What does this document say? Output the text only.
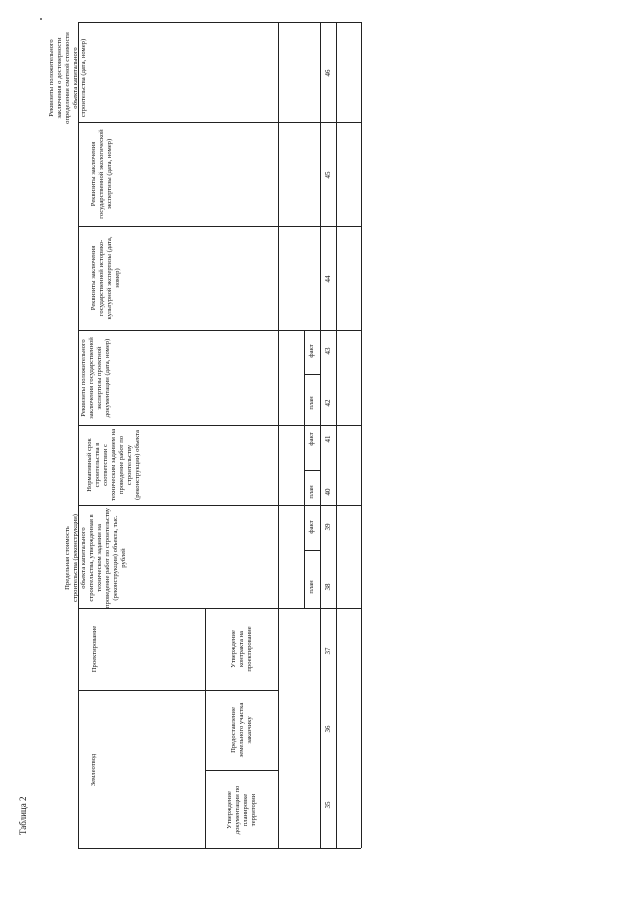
Таблица 2
Реквизиты положительного заключения о достоверности определения сметной стоимости объекта капитального строительства (дата, номер)
Реквизиты заключения государственной экологической экспертизы (дата, номер)
Реквизиты заключения государственной историко-культурной экспертизы (дата, номер)
Реквизиты положительного заключения государственной экспертизы проектной документации (дата, номер)
Нормативный срок строительства в соответствии с техническим заданием на проведение работ по строительству (реконструкции) объекта
Предельная стоимость строительства (реконструкции) объекта капитального строительства, утвержденная в техническом задании на проведение работ по строительству (реконструкции) объекта, тыс. рублей
Проектирование
Землеотвод
Утверждение контракта на проектирование
Предоставление земельного участка заказчику
Утверждение документации по планировке территории
план
факт
план
факт
план
факт
35
36
37
38
39
40
41
42
43
44
45
46
